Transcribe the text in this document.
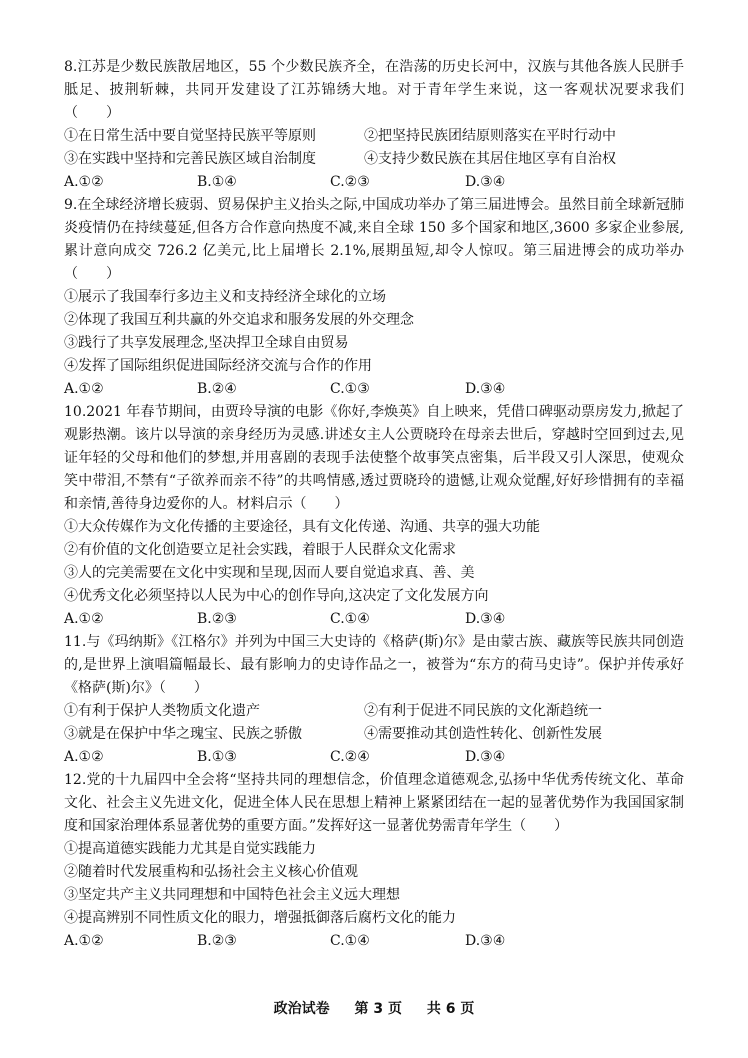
8.江苏是少数民族散居地区，55 个少数民族齐全，在浩荡的历史长河中，汉族与其他各族人民胼手胝足、披荆斩棘，共同开发建设了江苏锦绣大地。对于青年学生来说，这一客观状况要求我们（　　）

①在日常生活中要自觉坚持民族平等原则	②把坚持民族团结原则落实在平时行动中
③在实践中坚持和完善民族区域自治制度	④支持少数民族在其居住地区享有自治权
A.①②	B.①④	C.②③	D.③④

9.在全球经济增长疲弱、贸易保护主义抬头之际,中国成功举办了第三届进博会。虽然目前全球新冠肺炎疫情仍在持续蔓延,但各方合作意向热度不减,来自全球 150 多个国家和地区,3600 多家企业参展,累计意向成交 726.2 亿美元,比上届增长 2.1%,展期虽短,却令人惊叹。第三届进博会的成功举办（　　）

①展示了我国奉行多边主义和支持经济全球化的立场

②体现了我国互利共赢的外交追求和服务发展的外交理念

③践行了共享发展理念,坚决捍卫全球自由贸易

④发挥了国际组织促进国际经济交流与合作的作用

A.①②	B.②④	C.①③	D.③④

10.2021 年春节期间，由贾玲导演的电影《你好,李焕英》自上映来，凭借口碑驱动票房发力,掀起了观影热潮。该片以导演的亲身经历为灵感.讲述女主人公贾晓玲在母亲去世后，穿越时空回到过去,见证年轻的父母和他们的梦想,并用喜剧的表现手法使整个故事笑点密集，后半段又引人深思，使观众笑中带泪,不禁有“子欲养而亲不待”的共鸣情感,透过贾晓玲的遗憾,让观众觉醒,好好珍惜拥有的幸福和亲情,善待身边爱你的人。材料启示（　　）

①大众传媒作为文化传播的主要途径，具有文化传递、沟通、共享的强大功能

②有价值的文化创造要立足社会实践，着眼于人民群众文化需求

③人的完美需要在文化中实现和呈现,因而人要自觉追求真、善、美

④优秀文化必须坚持以人民为中心的创作导向,这决定了文化发展方向

A.①②	B.②③	C.①④	D.③④

11.与《玛纳斯》《江格尔》并列为中国三大史诗的《格萨(斯)尔》是由蒙古族、藏族等民族共同创造的,是世界上演唱篇幅最长、最有影响力的史诗作品之一，被誉为“东方的荷马史诗”。保护并传承好《格萨(斯)尔》（　　）

①有利于保护人类物质文化遗产	②有利于促进不同民族的文化渐趋统一
③就是在保护中华之瑰宝、民族之骄傲	④需要推动其创造性转化、创新性发展
A.①②	B.①③	C.②④	D.③④

12.党的十九届四中全会将“坚持共同的理想信念，价值理念道德观念,弘扬中华优秀传统文化、革命文化、社会主义先进文化，促进全体人民在思想上精神上紧紧团结在一起的显著优势作为我国国家制度和国家治理体系显著优势的重要方面。”发挥好这一显著优势需青年学生（　　）

①提高道德实践能力尤其是自觉实践能力

②随着时代发展重构和弘扬社会主义核心价值观

③坚定共产主义共同理想和中国特色社会主义远大理想

④提高辨别不同性质文化的眼力，增强抵御落后腐朽文化的能力

A.①②	B.②③	C.①④	D.③④
政治试卷 第 3 页 共 6 页
